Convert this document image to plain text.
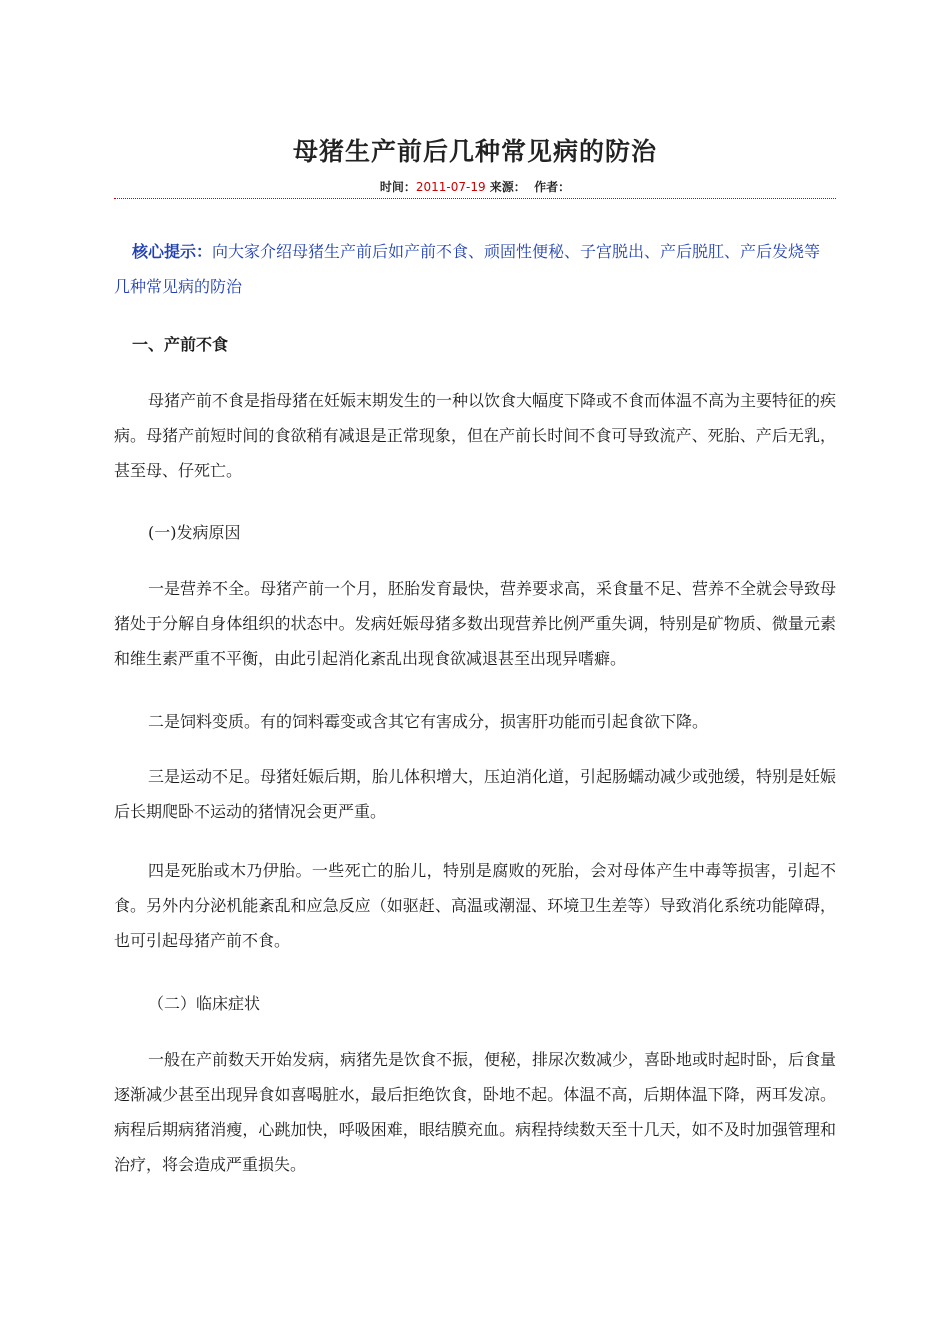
母猪生产前后几种常见病的防治
时间：2011-07-19 来源： 作者：
核心提示：向大家介绍母猪生产前后如产前不食、顽固性便秘、子宫脱出、产后脱肛、产后发烧等几种常见病的防治
一、产前不食
母猪产前不食是指母猪在妊娠末期发生的一种以饮食大幅度下降或不食而体温不高为主要特征的疾病。母猪产前短时间的食欲稍有减退是正常现象，但在产前长时间不食可导致流产、死胎、产后无乳，甚至母、仔死亡。
(一)发病原因
一是营养不全。母猪产前一个月，胚胎发育最快，营养要求高，采食量不足、营养不全就会导致母猪处于分解自身体组织的状态中。发病妊娠母猪多数出现营养比例严重失调，特别是矿物质、微量元素和维生素严重不平衡，由此引起消化紊乱出现食欲减退甚至出现异嗜癖。
二是饲料变质。有的饲料霉变或含其它有害成分，损害肝功能而引起食欲下降。
三是运动不足。母猪妊娠后期，胎儿体积增大，压迫消化道，引起肠蠕动减少或弛缓，特别是妊娠后长期爬卧不运动的猪情况会更严重。
四是死胎或木乃伊胎。一些死亡的胎儿，特别是腐败的死胎，会对母体产生中毒等损害，引起不食。另外内分泌机能紊乱和应急反应（如驱赶、高温或潮湿、环境卫生差等）导致消化系统功能障碍，也可引起母猪产前不食。
（二）临床症状
一般在产前数天开始发病，病猪先是饮食不振，便秘，排尿次数减少，喜卧地或时起时卧，后食量逐渐减少甚至出现异食如喜喝脏水，最后拒绝饮食，卧地不起。体温不高，后期体温下降，两耳发凉。病程后期病猪消瘦，心跳加快，呼吸困难，眼结膜充血。病程持续数天至十几天，如不及时加强管理和治疗，将会造成严重损失。
